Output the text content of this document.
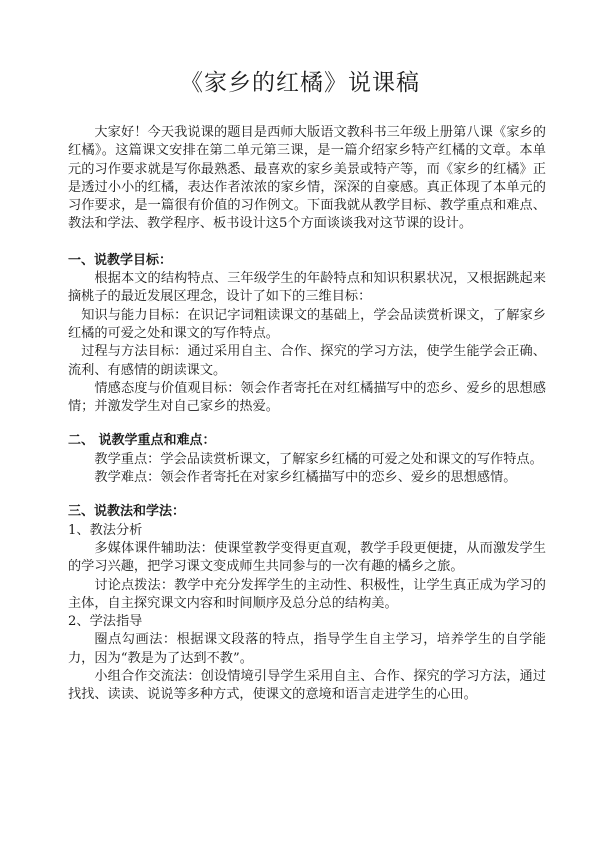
《家乡的红橘》说课稿

大家好！今天我说课的题目是西师大版语文教科书三年级上册第八课《家乡的红橘》。这篇课文安排在第二单元第三课，是一篇介绍家乡特产红橘的文章。本单元的习作要求就是写你最熟悉、最喜欢的家乡美景或特产等，而《家乡的红橘》正是透过小小的红橘，表达作者浓浓的家乡情，深深的自豪感。真正体现了本单元的习作要求，是一篇很有价值的习作例文。下面我就从教学目标、教学重点和难点、教法和学法、教学程序、板书设计这5个方面谈谈我对这节课的设计。

一、说教学目标：

根据本文的结构特点、三年级学生的年龄特点和知识积累状况，又根据跳起来摘桃子的最近发展区理念，设计了如下的三维目标：

知识与能力目标：在识记字词粗读课文的基础上，学会品读赏析课文，了解家乡红橘的可爱之处和课文的写作特点。

过程与方法目标：通过采用自主、合作、探究的学习方法，使学生能学会正确、流利、有感情的朗读课文。

情感态度与价值观目标：领会作者寄托在对红橘描写中的恋乡、爱乡的思想感情；并激发学生对自己家乡的热爱。

二、 说教学重点和难点：

教学重点：学会品读赏析课文，了解家乡红橘的可爱之处和课文的写作特点。

教学难点：领会作者寄托在对家乡红橘描写中的恋乡、爱乡的思想感情。

三、说教法和学法：

1、教法分析

多媒体课件辅助法：使课堂教学变得更直观，教学手段更便捷，从而激发学生的学习兴趣，把学习课文变成师生共同参与的一次有趣的橘乡之旅。

讨论点拨法：教学中充分发挥学生的主动性、积极性，让学生真正成为学习的主体，自主探究课文内容和时间顺序及总分总的结构美。

2、学法指导

圈点勾画法：根据课文段落的特点，指导学生自主学习，培养学生的自学能力，因为“教是为了达到不教”。

小组合作交流法：创设情境引导学生采用自主、合作、探究的学习方法，通过找找、读读、说说等多种方式，使课文的意境和语言走进学生的心田。
